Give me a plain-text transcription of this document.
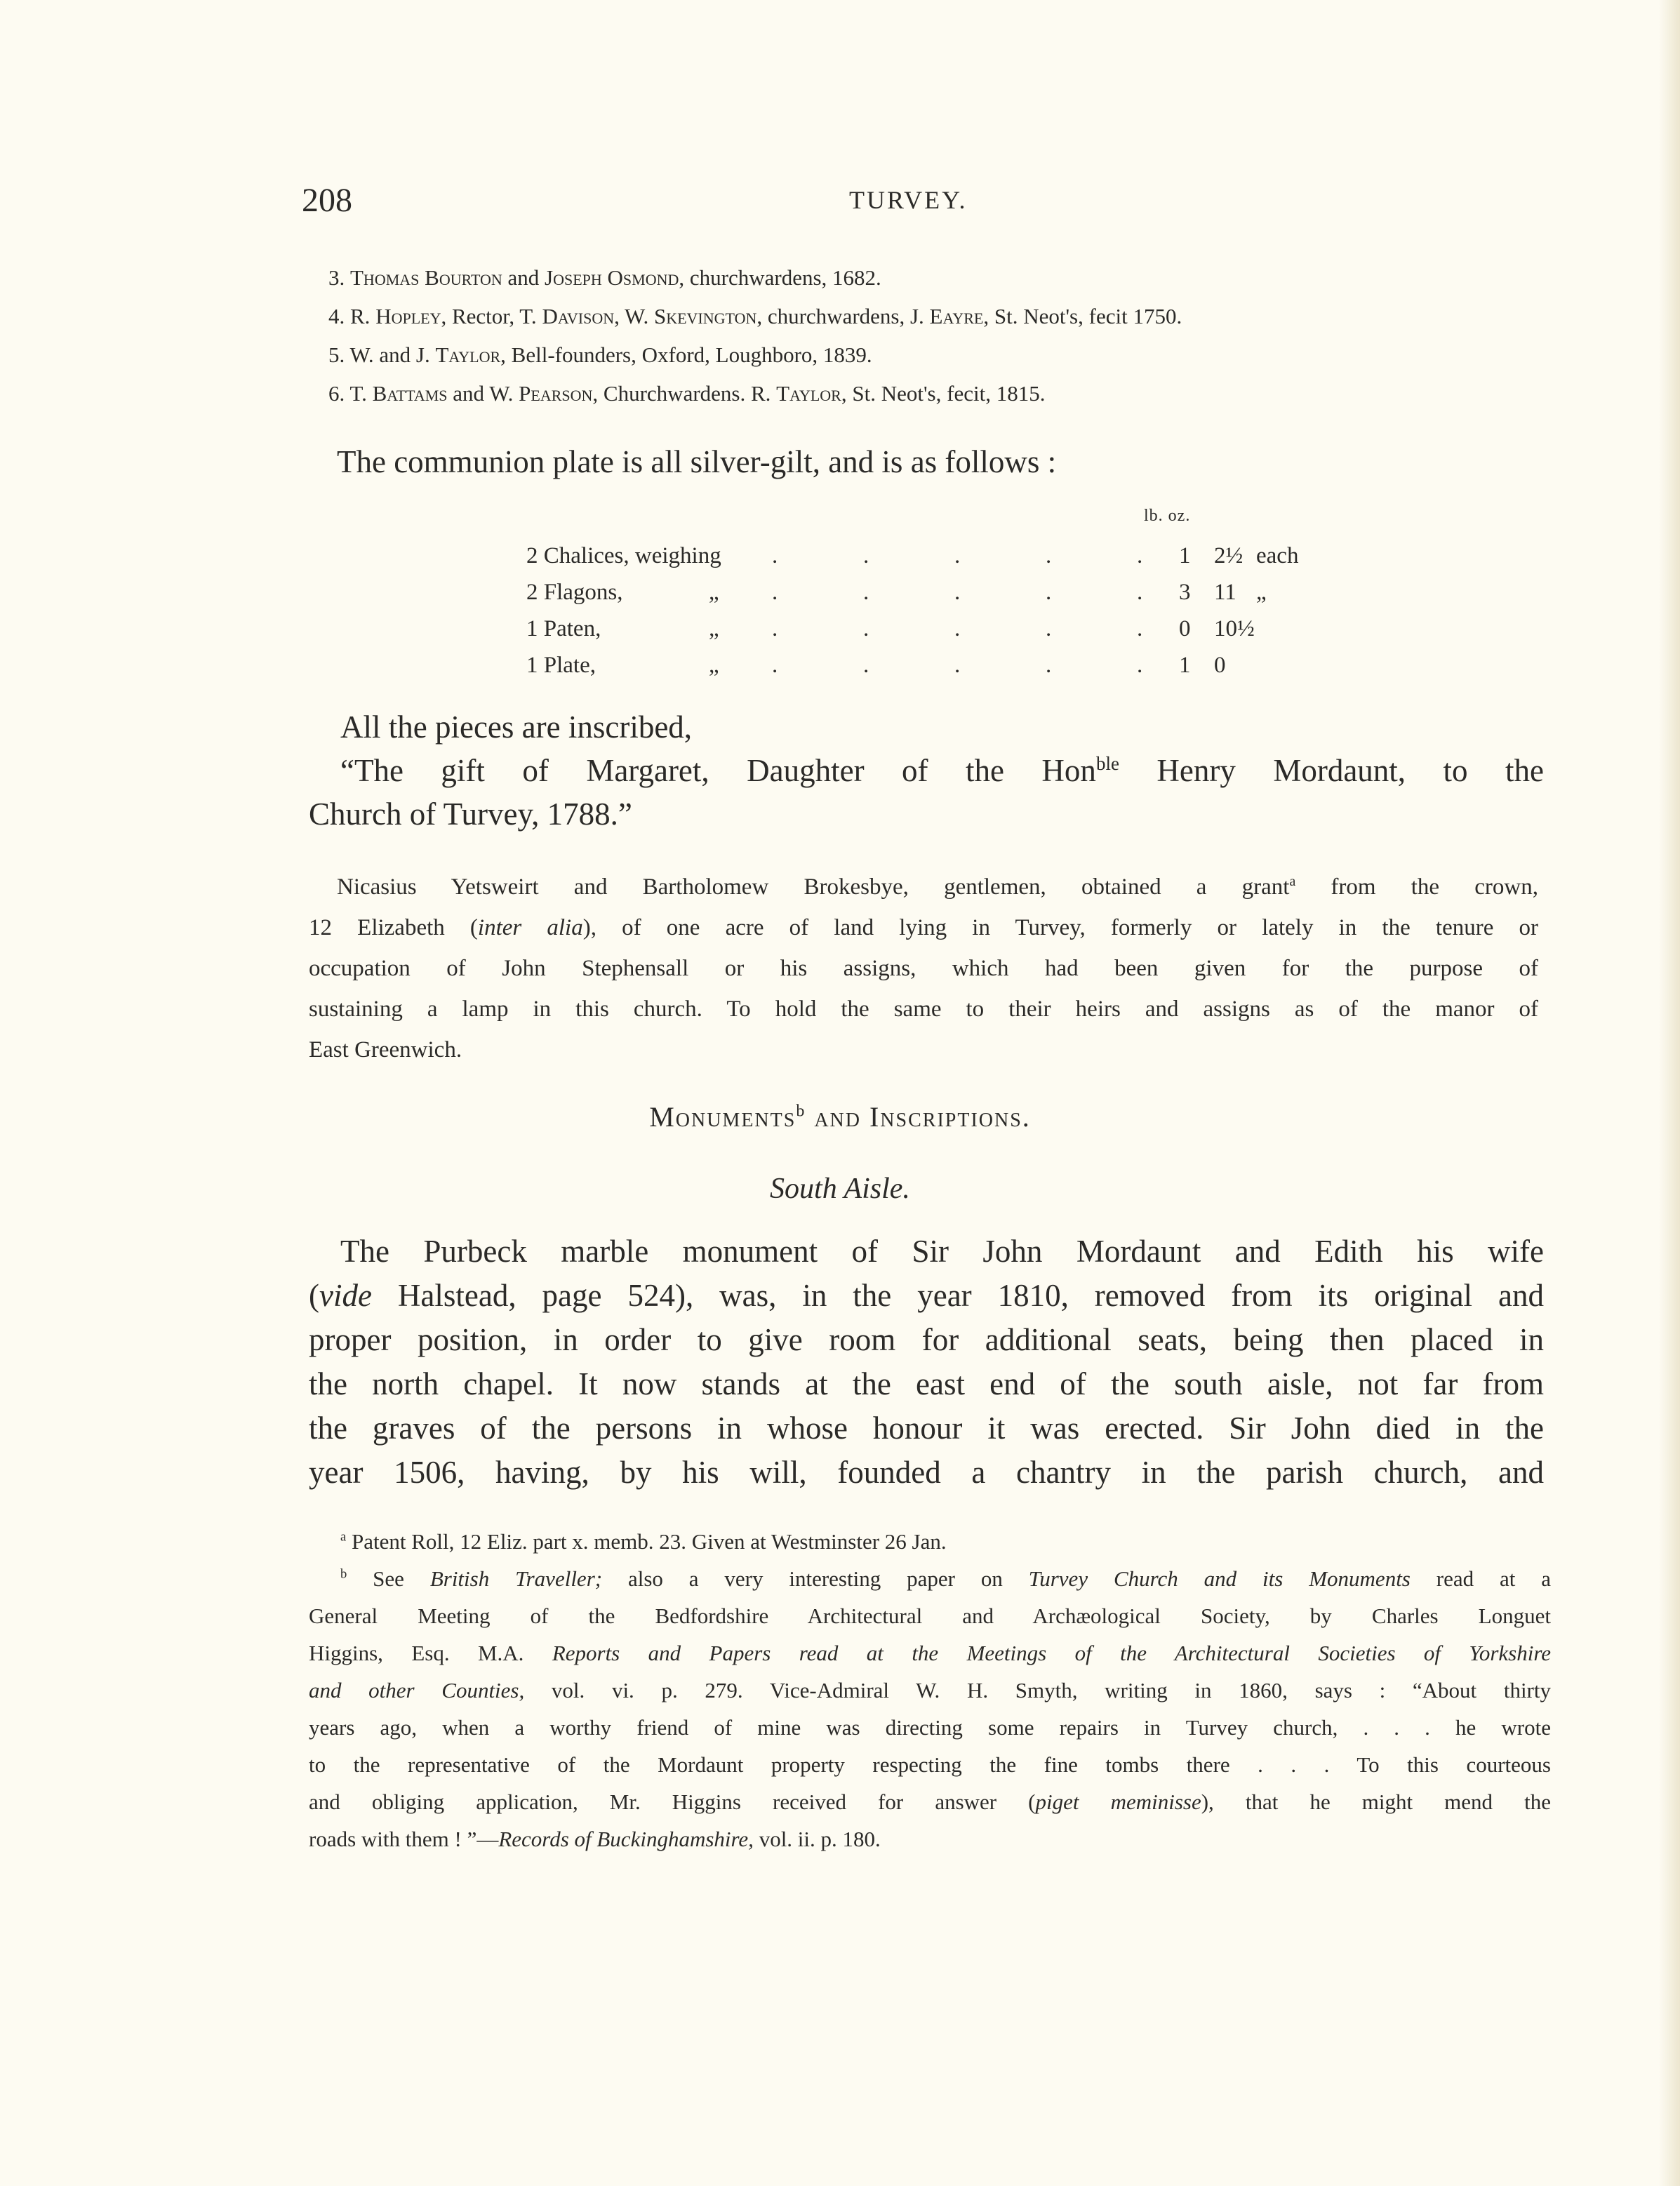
208	TURVEY.
3. Thomas Bourton and Joseph Osmond, churchwardens, 1682.
4. R. Hopley, Rector, T. Davison, W. Skevington, churchwardens, J. Eayre, St. Neot's, fecit 1750.
5. W. and J. Taylor, Bell-founders, Oxford, Loughboro, 1839.
6. T. Battams and W. Pearson, Churchwardens. R. Taylor, St. Neot's, fecit, 1815.
The communion plate is all silver-gilt, and is as follows :
lb. oz.
2 Chalices, weighing .	.	.	.	. 1 2½ each
2 Flagons,	„ .	.	.	.	. 3 11 „
1 Paten,	„ .	.	.	.	. 0 10½
1 Plate,	„ .	.	.	.	. 1 0

All the pieces are inscribed,

“The gift of Margaret, Daughter of the Hon$^{ble}$ Henry Mordaunt, to the

Church of Turvey, 1788.”

Nicasius Yetsweirt and Bartholomew Brokesbye, gentlemen, obtained a grant$^a$ from the crown,

12 Elizabeth (inter alia), of one acre of land lying in Turvey, formerly or lately in the tenure or

occupation of John Stephensall or his assigns, which had been given for the purpose of

sustaining a lamp in this church. To hold the same to their heirs and assigns as of the manor of

East Greenwich.

Monuments$^b$ and Inscriptions.
South Aisle.

The Purbeck marble monument of Sir John Mordaunt and Edith his wife

(vide Halstead, page 524), was, in the year 1810, removed from its original and

proper position, in order to give room for additional seats, being then placed in

the north chapel. It now stands at the east end of the south aisle, not far from

the graves of the persons in whose honour it was erected. Sir John died in the

year 1506, having, by his will, founded a chantry in the parish church, and

$^a$ Patent Roll, 12 Eliz. part x. memb. 23. Given at Westminster 26 Jan.

$^b$ See British Traveller; also a very interesting paper on Turvey Church and its Monuments read at a

General Meeting of the Bedfordshire Architectural and Archæological Society, by Charles Longuet

Higgins, Esq. M.A. Reports and Papers read at the Meetings of the Architectural Societies of Yorkshire

and other Counties, vol. vi. p. 279. Vice-Admiral W. H. Smyth, writing in 1860, says : “About thirty

years ago, when a worthy friend of mine was directing some repairs in Turvey church, . . . he wrote

to the representative of the Mordaunt property respecting the fine tombs there . . . To this courteous

and obliging application, Mr. Higgins received for answer (piget meminisse), that he might mend the

roads with them ! ”—Records of Buckinghamshire, vol. ii. p. 180.
